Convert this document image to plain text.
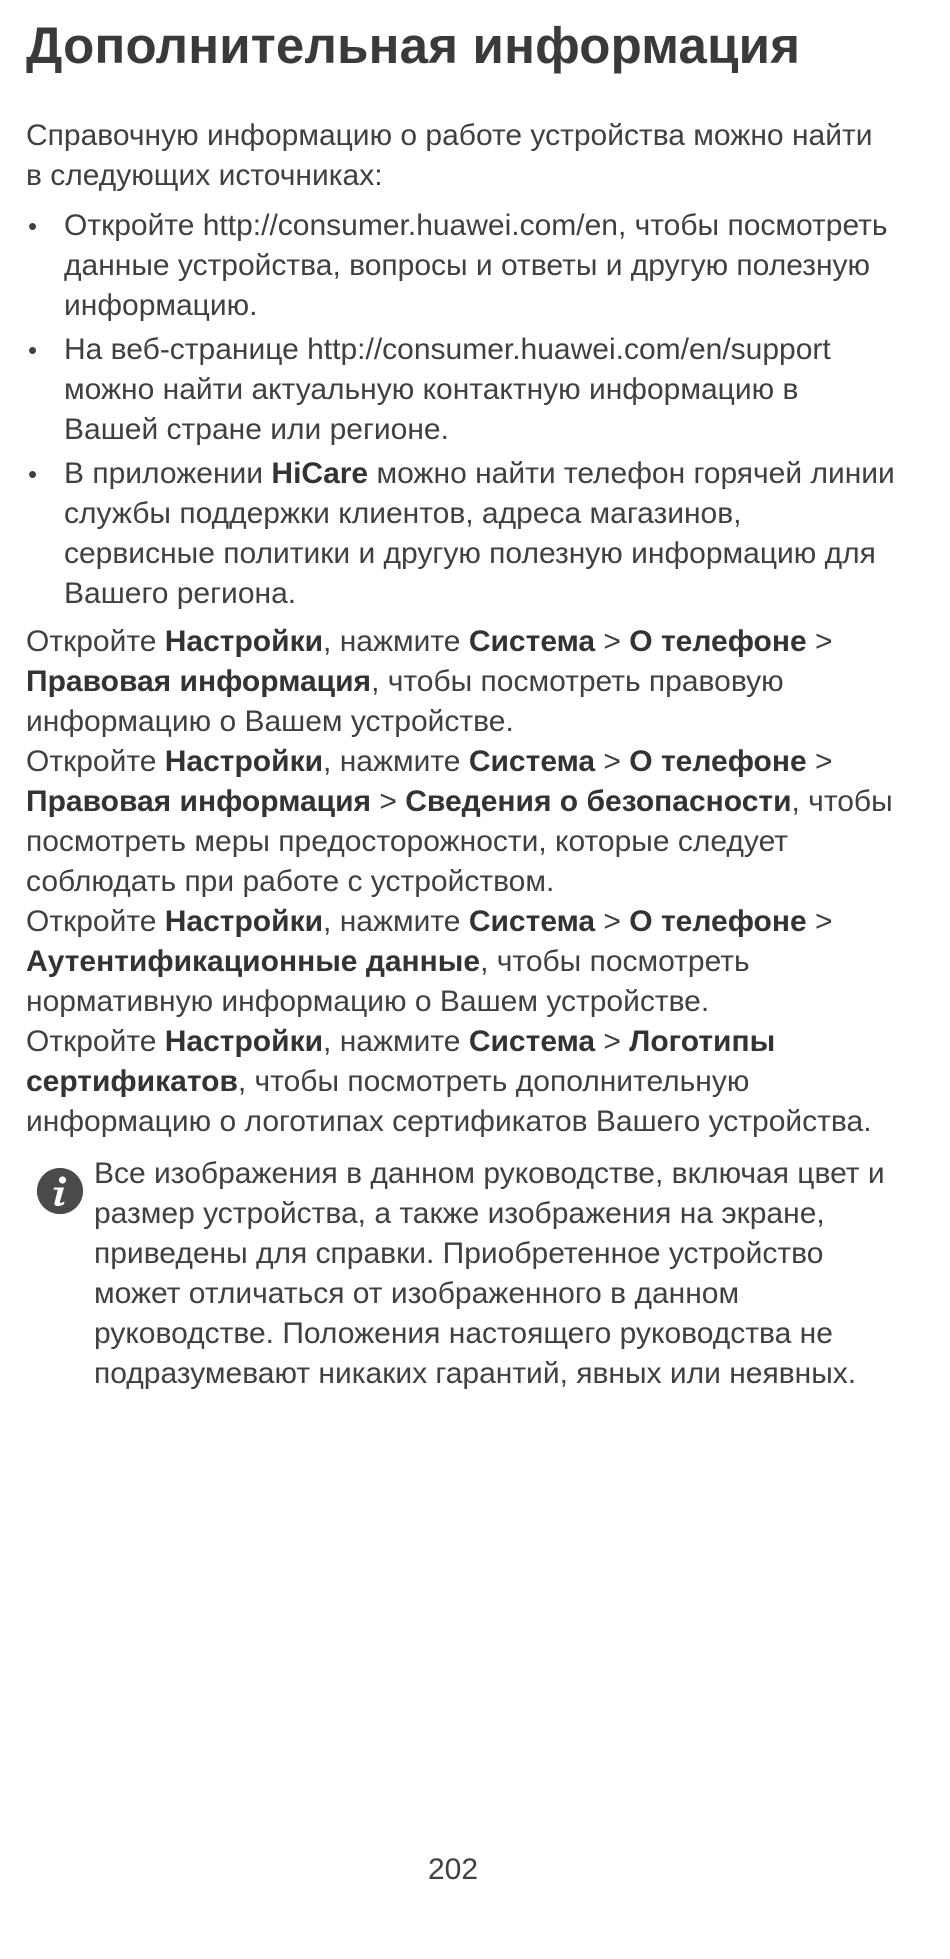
Дополнительная информация

Справочную информацию о работе устройства можно найти в следующих источниках:

• Откройте http://consumer.huawei.com/en, чтобы посмотреть данные устройства, вопросы и ответы и другую полезную информацию.
• На веб-странице http://consumer.huawei.com/en/support можно найти актуальную контактную информацию в Вашей стране или регионе.
• В приложении HiCare можно найти телефон горячей линии службы поддержки клиентов, адреса магазинов, сервисные политики и другую полезную информацию для Вашего региона.

Откройте Настройки, нажмите Система > О телефоне > Правовая информация, чтобы посмотреть правовую информацию о Вашем устройстве.

Откройте Настройки, нажмите Система > О телефоне > Правовая информация > Сведения о безопасности, чтобы посмотреть меры предосторожности, которые следует соблюдать при работе с устройством.

Откройте Настройки, нажмите Система > О телефоне > Аутентификационные данные, чтобы посмотреть нормативную информацию о Вашем устройстве.

Откройте Настройки, нажмите Система > Логотипы сертификатов, чтобы посмотреть дополнительную информацию о логотипах сертификатов Вашего устройства.

Все изображения в данном руководстве, включая цвет и размер устройства, а также изображения на экране, приведены для справки. Приобретенное устройство может отличаться от изображенного в данном руководстве. Положения настоящего руководства не подразумевают никаких гарантий, явных или неявных.

202
